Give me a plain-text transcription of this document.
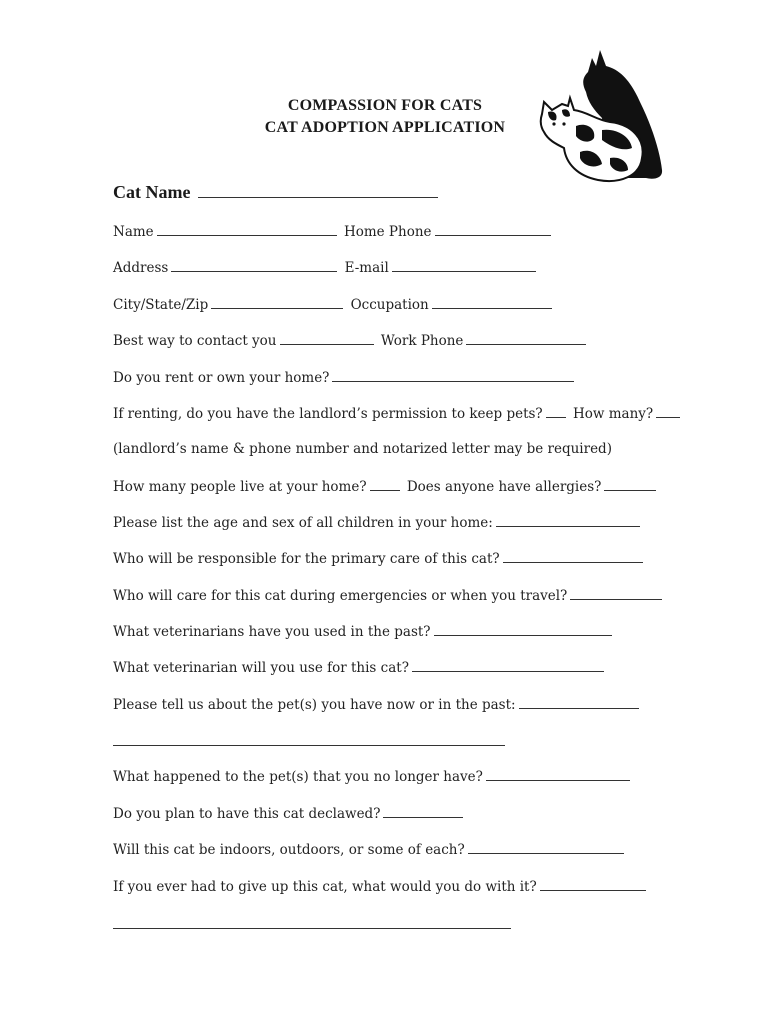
COMPASSION FOR CATS
CAT ADOPTION APPLICATION
Cat Name
Name	Home Phone
Address	E-mail
City/State/Zip	Occupation
Best way to contact you	Work Phone
Do you rent or own your home?
If renting, do you have the landlord’s permission to keep pets? How many?
(landlord’s name & phone number and notarized letter may be required)
How many people live at your home?	Does anyone have allergies?
Please list the age and sex of all children in your home:
Who will be responsible for the primary care of this cat?
Who will care for this cat during emergencies or when you travel?
What veterinarians have you used in the past?
What veterinarian will you use for this cat?
Please tell us about the pet(s) you have now or in the past:
What happened to the pet(s) that you no longer have?
Do you plan to have this cat declawed?
Will this cat be indoors, outdoors, or some of each?
If you ever had to give up this cat, what would you do with it?
